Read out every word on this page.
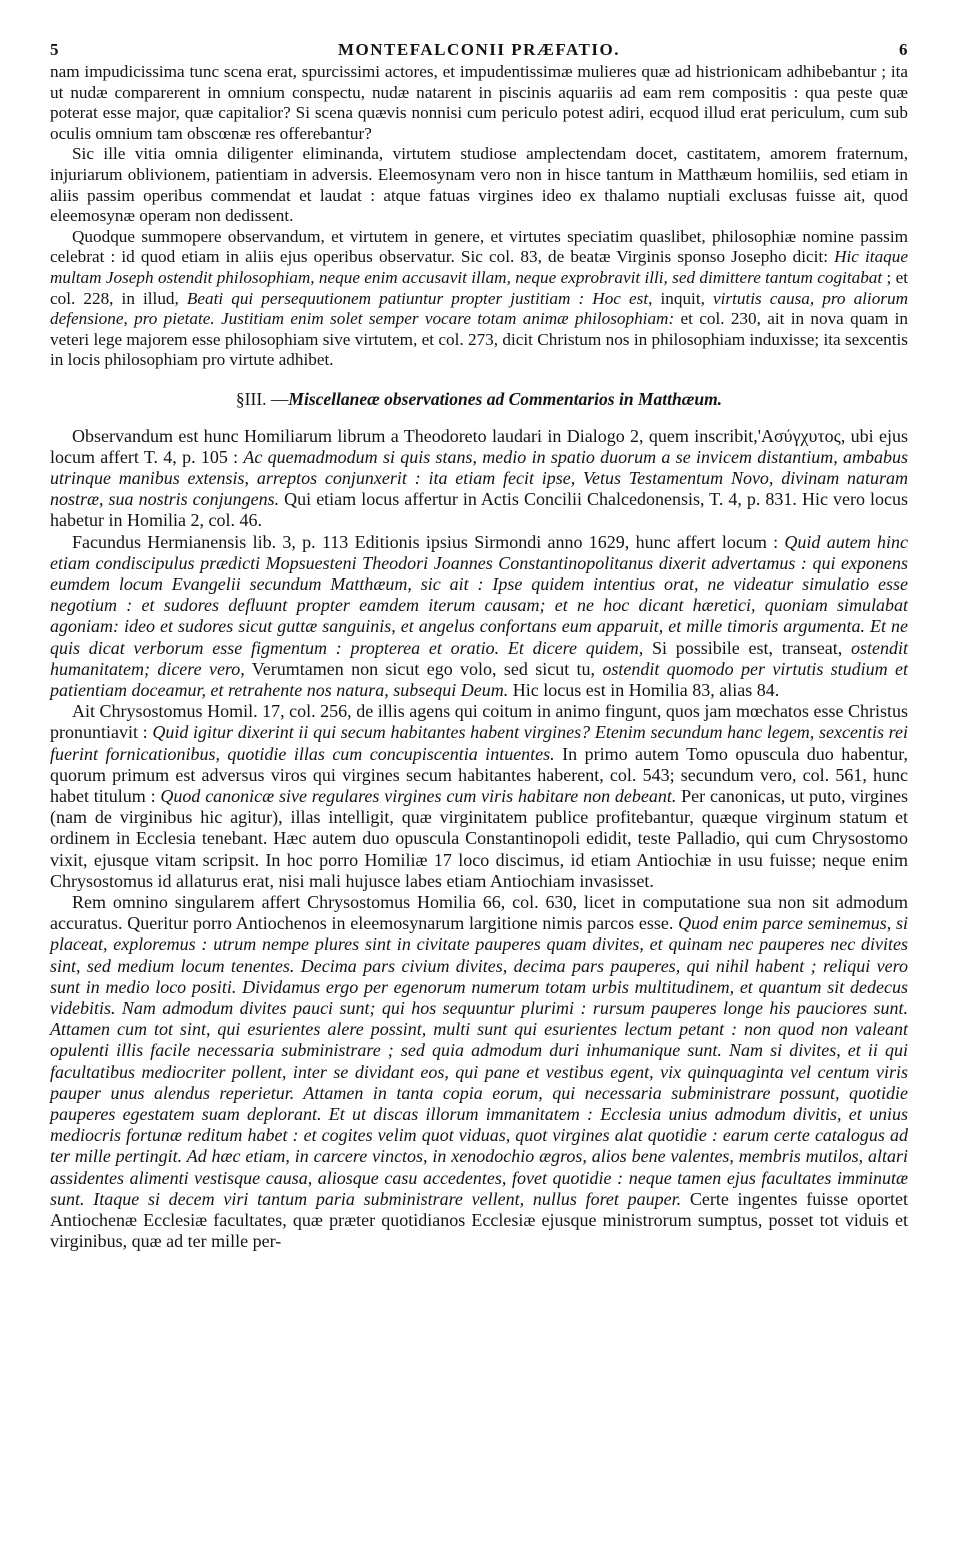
5	MONTEFALCONII PRÆFATIO.	6

nam impudicissima tunc scena erat, spurcissimi actores, et impudentissimæ mulieres quæ ad histrionicam adhibebantur ; ita ut nudæ comparerent in omnium conspectu, nudæ natarent in piscinis aquariis ad eam rem compositis : qua peste quæ poterat esse major, quæ capitalior? Si scena quævis nonnisi cum periculo potest adiri, ecquod illud erat periculum, cum sub oculis omnium tam obscœnæ res offerebantur?

Sic ille vitia omnia diligenter eliminanda, virtutem studiose amplectendam docet, castitatem, amorem fraternum, injuriarum oblivionem, patientiam in adversis. Eleemosynam vero non in hisce tantum in Matthæum homiliis, sed etiam in aliis passim operibus commendat et laudat : atque fatuas virgines ideo ex thalamo nuptiali exclusas fuisse ait, quod eleemosynæ operam non dedissent.

Quodque summopere observandum, et virtutem in genere, et virtutes speciatim quaslibet, philosophiæ nomine passim celebrat : id quod etiam in aliis ejus operibus observatur. Sic col. 83, de beatæ Virginis sponso Josepho dicit: Hic itaque multam Joseph ostendit philosophiam, neque enim accusavit illam, neque exprobravit illi, sed dimittere tantum cogitabat ; et col. 228, in illud, Beati qui persequutionem patiuntur propter justitiam : Hoc est, inquit, virtutis causa, pro aliorum defensione, pro pietate. Justitiam enim solet semper vocare totam animæ philosophiam: et col. 230, ait in nova quam in veteri lege majorem esse philosophiam sive virtutem, et col. 273, dicit Christum nos in philosophiam induxisse; ita sexcentis in locis philosophiam pro virtute adhibet.

§III. —Miscellaneæ observationes ad Commentarios in Matthæum.

Observandum est hunc Homiliarum librum a Theodoreto laudari in Dialogo 2, quem inscribit,'Ασύγχυτος, ubi ejus locum affert T. 4, p. 105 : Ac quemadmodum si quis stans, medio in spatio duorum a se invicem distantium, ambabus utrinque manibus extensis, arreptos conjunxerit : ita etiam fecit ipse, Vetus Testamentum Novo, divinam naturam nostræ, sua nostris conjungens. Qui etiam locus affertur in Actis Concilii Chalcedonensis, T. 4, p. 831. Hic vero locus habetur in Homilia 2, col. 46.

Facundus Hermianensis lib. 3, p. 113 Editionis ipsius Sirmondi anno 1629, hunc affert locum : Quid autem hinc etiam condiscipulus prædicti Mopsuesteni Theodori Joannes Constantinopolitanus dixerit advertamus : qui exponens eumdem locum Evangelii secundum Matthæum, sic ait : Ipse quidem intentius orat, ne videatur simulatio esse negotium : et sudores defluunt propter eamdem iterum causam; et ne hoc dicant hæretici, quoniam simulabat agoniam: ideo et sudores sicut guttæ sanguinis, et angelus confortans eum apparuit, et mille timoris argumenta. Et ne quis dicat verborum esse figmentum : propterea et oratio. Et dicere quidem, Si possibile est, transeat, ostendit humanitatem; dicere vero, Verumtamen non sicut ego volo, sed sicut tu, ostendit quomodo per virtutis studium et patientiam doceamur, et retrahente nos natura, subsequi Deum. Hic locus est in Homilia 83, alias 84.

Ait Chrysostomus Homil. 17, col. 256, de illis agens qui coitum in animo fingunt, quos jam mœchatos esse Christus pronuntiavit : Quid igitur dixerint ii qui secum habitantes habent virgines? Etenim secundum hanc legem, sexcentis rei fuerint fornicationibus, quotidie illas cum concupiscentia intuentes. In primo autem Tomo opuscula duo habentur, quorum primum est adversus viros qui virgines secum habitantes haberent, col. 543; secundum vero, col. 561, hunc habet titulum : Quod canonicæ sive regulares virgines cum viris habitare non debeant. Per canonicas, ut puto, virgines (nam de virginibus hic agitur), illas intelligit, quæ virginitatem publice profitebantur, quæque virginum statum et ordinem in Ecclesia tenebant. Hæc autem duo opuscula Constantinopoli edidit, teste Palladio, qui cum Chrysostomo vixit, ejusque vitam scripsit. In hoc porro Homiliæ 17 loco discimus, id etiam Antiochiæ in usu fuisse; neque enim Chrysostomus id allaturus erat, nisi mali hujusce labes etiam Antiochiam invasisset.

Rem omnino singularem affert Chrysostomus Homilia 66, col. 630, licet in computatione sua non sit admodum accuratus. Queritur porro Antiochenos in eleemosynarum largitione nimis parcos esse. Quod enim parce seminemus, si placeat, exploremus : utrum nempe plures sint in civitate pauperes quam divites, et quinam nec pauperes nec divites sint, sed medium locum tenentes. Decima pars civium divites, decima pars pauperes, qui nihil habent ; reliqui vero sunt in medio loco positi. Dividamus ergo per egenorum numerum totam urbis multitudinem, et quantum sit dedecus videbitis. Nam admodum divites pauci sunt; qui hos sequuntur plurimi : rursum pauperes longe his pauciores sunt. Attamen cum tot sint, qui esurientes alere possint, multi sunt qui esurientes lectum petant : non quod non valeant opulenti illis facile necessaria subministrare ; sed quia admodum duri inhumanique sunt. Nam si divites, et ii qui facultatibus mediocriter pollent, inter se dividant eos, qui pane et vestibus egent, vix quinquaginta vel centum viris pauper unus alendus reperietur. Attamen in tanta copia eorum, qui necessaria subministrare possunt, quotidie pauperes egestatem suam deplorant. Et ut discas illorum immanitatem : Ecclesia unius admodum divitis, et unius mediocris fortunæ reditum habet : et cogites velim quot viduas, quot virgines alat quotidie : earum certe catalogus ad ter mille pertingit. Ad hæc etiam, in carcere vinctos, in xenodochio ægros, alios bene valentes, membris mutilos, altari assidentes alimenti vestisque causa, aliosque casu accedentes, fovet quotidie : neque tamen ejus facultates imminutæ sunt. Itaque si decem viri tantum paria subministrare vellent, nullus foret pauper. Certe ingentes fuisse oportet Antiochenæ Ecclesiæ facultates, quæ præter quotidianos Ecclesiæ ejusque ministrorum sumptus, posset tot viduis et virginibus, quæ ad ter mille per-
